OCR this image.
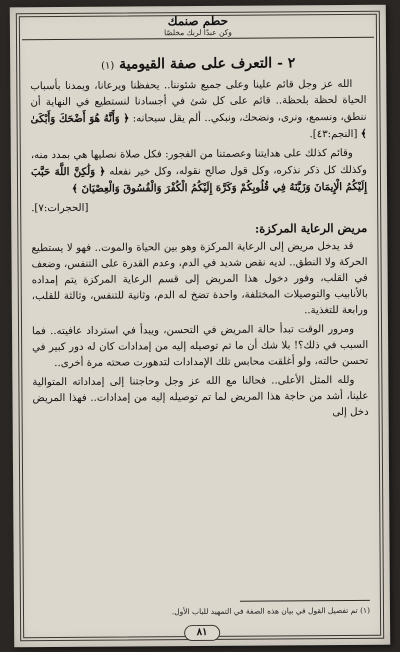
حطم صنمك
وكن عبدًا لربك مخلصًا
٢ - التعرف على صفة القيومية (١)

الله عز وجل قائم علينا وعلى جميع شئوننا.. يحفظنا ويرعانا، ويمدنا بأسباب الحياة لحظة بلحظة.. قائم على كل شئ في أجسادنا لنستطيع في النهاية أن ننطق، ونسمع، ونرى، ونضحك، ونبكي.. ألم يقل سبحانه: ﴿ وَأَنَّهُ هُوَ أَضْحَكَ وَأَبْكَىٰ ﴾ [النجم:٤٣].

وقائم كذلك على هدايتنا وعصمتنا من الفجور: فكل صلاة نصليها هي بمدد منه، وكذلك كل ذكر نذكره، وكل قول صالح نقوله، وكل خير نفعله ﴿ وَلَٰكِنَّ اللَّهَ حَبَّبَ إِلَيْكُمُ الْإِيمَانَ وَزَيَّنَهُ فِي قُلُوبِكُمْ وَكَرَّهَ إِلَيْكُمُ الْكُفْرَ وَالْفُسُوقَ وَالْعِصْيَانَ ﴾

[الحجرات:٧].
مريض الرعاية المركزة:

قد يدخل مريض إلى الرعاية المركزة وهو بين الحياة والموت.. فهو لا يستطيع الحركة ولا النطق.. لديه نقص شديد في الدم، وعدم القدرة على التنفس، وضعف في القلب، وفور دخول هذا المريض إلى قسم الرعاية المركزة يتم إمداده بالأنابيب والتوصيلات المختلفة، واحدة تضخ له الدم، وثانية للتنفس، وثالثة للقلب، ورابعة للتغذية..

ومرور الوقت تبدأ حالة المريض في التحسن، ويبدأ في استرداد عافيته.. فما السبب في ذلك؟! بلا شك أن ما تم توصيله إليه من إمدادات كان له دور كبير في تحسن حالته، ولو أغلقت محابس تلك الإمدادات لتدهورت صحته مرة أخرى..

ولله المثل الأعلى.. فحالنا مع الله عز وجل وحاجتنا إلى إمداداته المتوالية علينا، أشد من حاجة هذا المريض لما تم توصيله إليه من إمدادات.. فهذا المريض دخل إلى

(١) تم تفصيل القول في بيان هذه الصفة في التمهيد للباب الأول.
٨١
